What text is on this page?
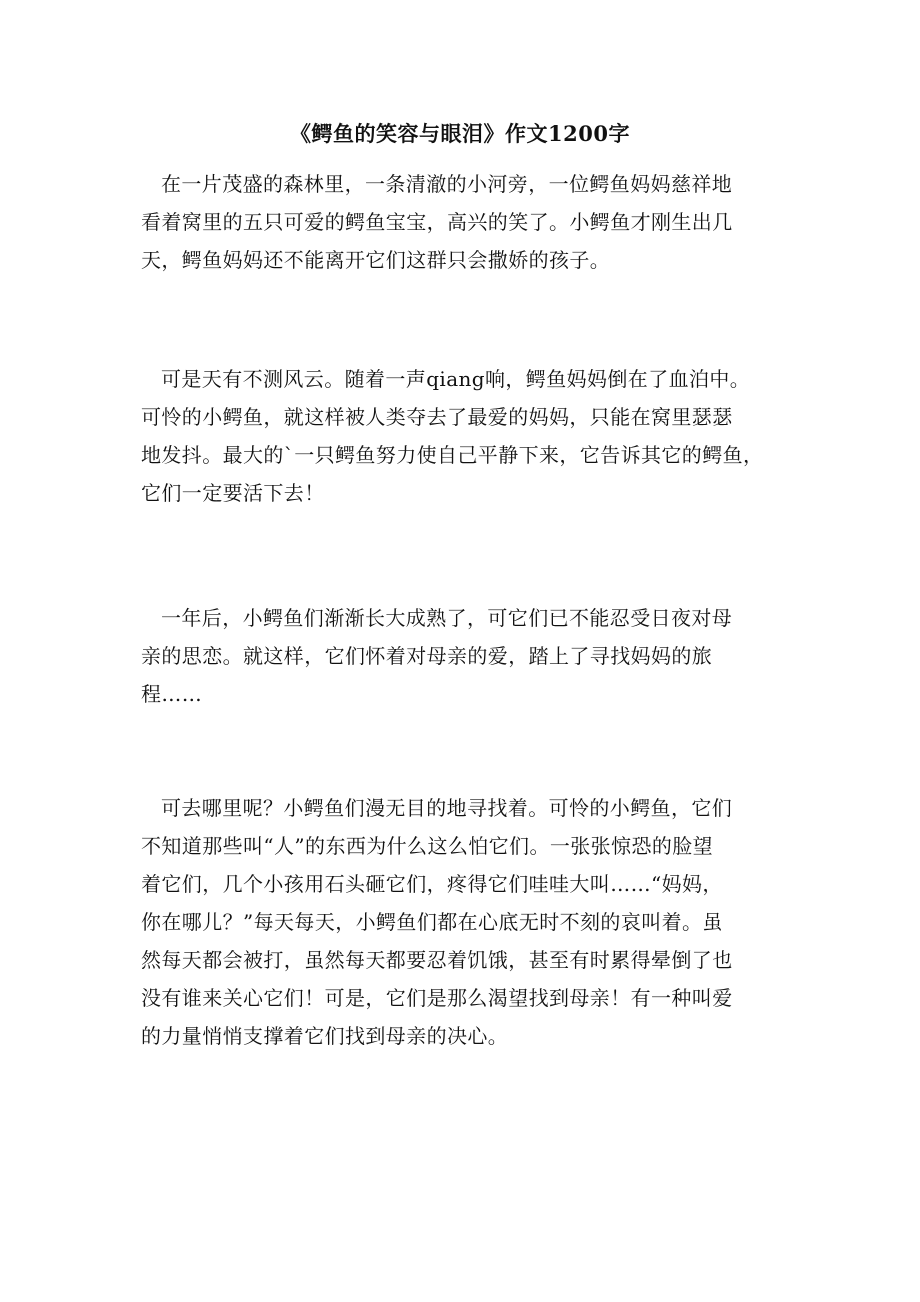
《鳄鱼的笑容与眼泪》作文1200字
在一片茂盛的森林里，一条清澈的小河旁，一位鳄鱼妈妈慈祥地
看着窝里的五只可爱的鳄鱼宝宝，高兴的笑了。小鳄鱼才刚生出几
天，鳄鱼妈妈还不能离开它们这群只会撒娇的孩子。
可是天有不测风云。随着一声qiang响，鳄鱼妈妈倒在了血泊中。
可怜的小鳄鱼，就这样被人类夺去了最爱的妈妈，只能在窝里瑟瑟
地发抖。最大的`一只鳄鱼努力使自己平静下来，它告诉其它的鳄鱼，
它们一定要活下去！
一年后，小鳄鱼们渐渐长大成熟了，可它们已不能忍受日夜对母
亲的思恋。就这样，它们怀着对母亲的爱，踏上了寻找妈妈的旅
程……
可去哪里呢？小鳄鱼们漫无目的地寻找着。可怜的小鳄鱼，它们
不知道那些叫“人”的东西为什么这么怕它们。一张张惊恐的脸望
着它们，几个小孩用石头砸它们，疼得它们哇哇大叫……“妈妈，
你在哪儿？”每天每天，小鳄鱼们都在心底无时不刻的哀叫着。虽
然每天都会被打，虽然每天都要忍着饥饿，甚至有时累得晕倒了也
没有谁来关心它们！可是，它们是那么渴望找到母亲！有一种叫爱
的力量悄悄支撑着它们找到母亲的决心。
